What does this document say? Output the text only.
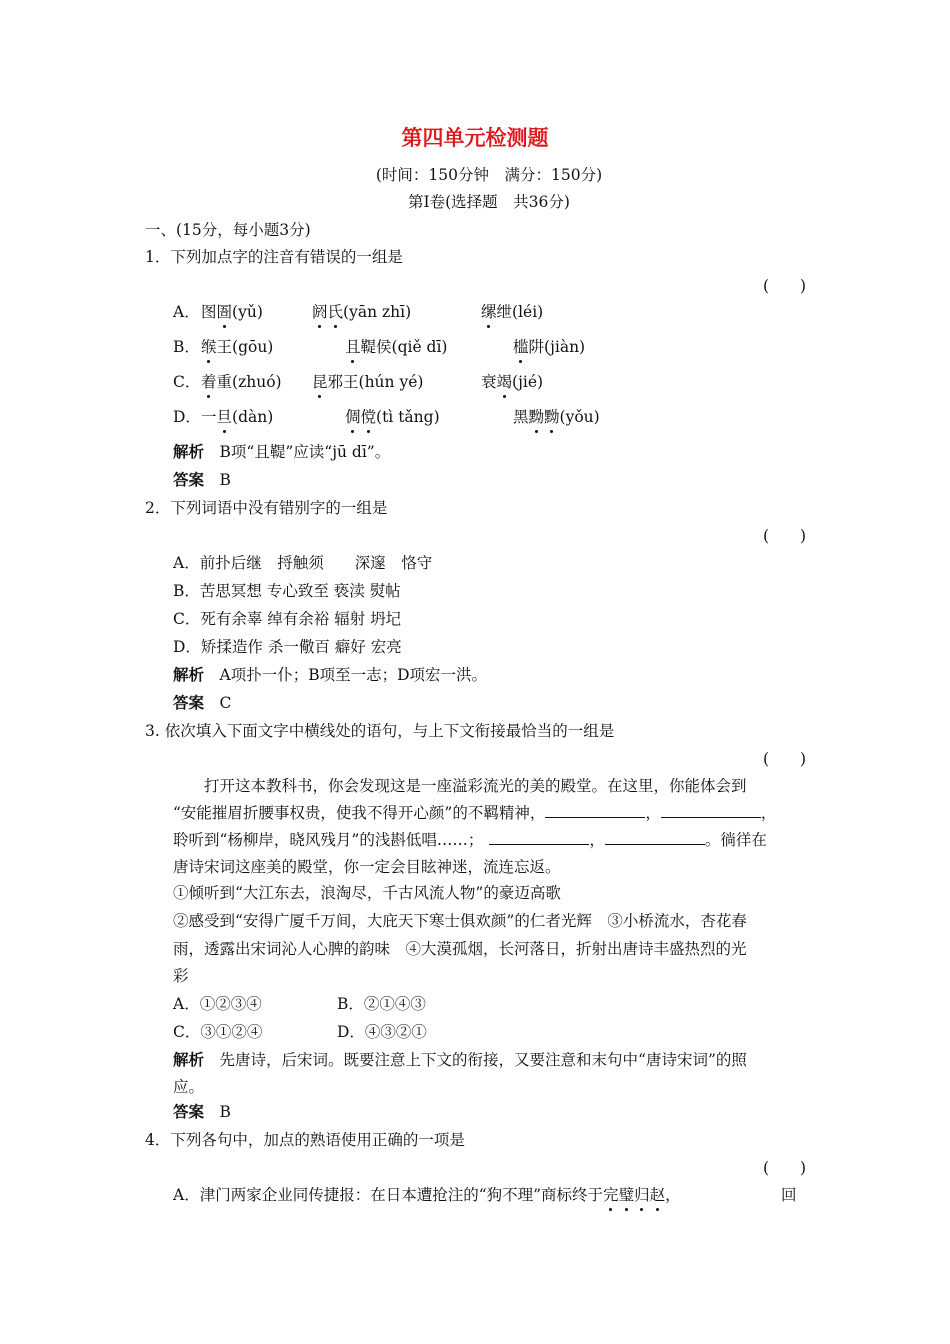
第四单元检测题
(时间：150分钟　满分：150分)
第Ⅰ卷(选择题　共36分)
一、(15分，每小题3分)
1．下列加点字的注音有错误的一组是
(　　)
A． 图圄(yǔ)	阏氏(yān zhī)	缧绁(léi)
B． 缑王(gōu)	且鞮侯(qiě dī)	槛阱(jiàn)
C． 着重(zhuó) 昆邪王(hún yé)	衰竭(jié)
D． 一旦(dàn)	倜傥(tì tǎng)	黑黝黝(yǒu)
解析　 B项“且鞮”应读“jū dī”。
答案　 B
2．下列词语中没有错别字的一组是
(　　)
A．前扑后继　捋触须　　深邃　恪守
B．苦思冥想 专心致至 亵渎 熨帖
C．死有余辜 绰有余裕 辐射 坍圮
D．矫揉造作 杀一儆百 癖好 宏亮
解析　 A项扑一仆；B项至一志；D项宏一洪。
答案　 C
3. 依次填入下面文字中横线处的语句，与上下文衔接最恰当的一组是
(　　)
　　打开这本教科书，你会发现这是一座溢彩流光的美的殿堂。在这里，你能体会到
“安能摧眉折腰事权贵，使我不得开心颜”的不羁精神，	，	，
聆听到“杨柳岸，晓风残月”的浅斟低唱……；	，	。徜徉在
唐诗宋词这座美的殿堂，你一定会目眩神迷，流连忘返。
①倾听到“大江东去，浪淘尽，千古风流人物”的豪迈高歌
②感受到“安得广厦千万间，大庇天下寒士俱欢颜”的仁者光辉　③小桥流水，杏花春
雨，透露出宋词沁人心脾的韵味　④大漠孤烟，长河落日，折射出唐诗丰盛热烈的光
彩
A．①②③④	B．②①④③
C．③①②④	D．④③②①
解析　 先唐诗，后宋词。既要注意上下文的衔接，又要注意和末句中“唐诗宋词”的照
应。
答案　 B
4．下列各句中，加点的熟语使用正确的一项是
(　　)
A．津门两家企业同传捷报：在日本遭抢注的“狗不理”商标终于完璧归赵，	回
